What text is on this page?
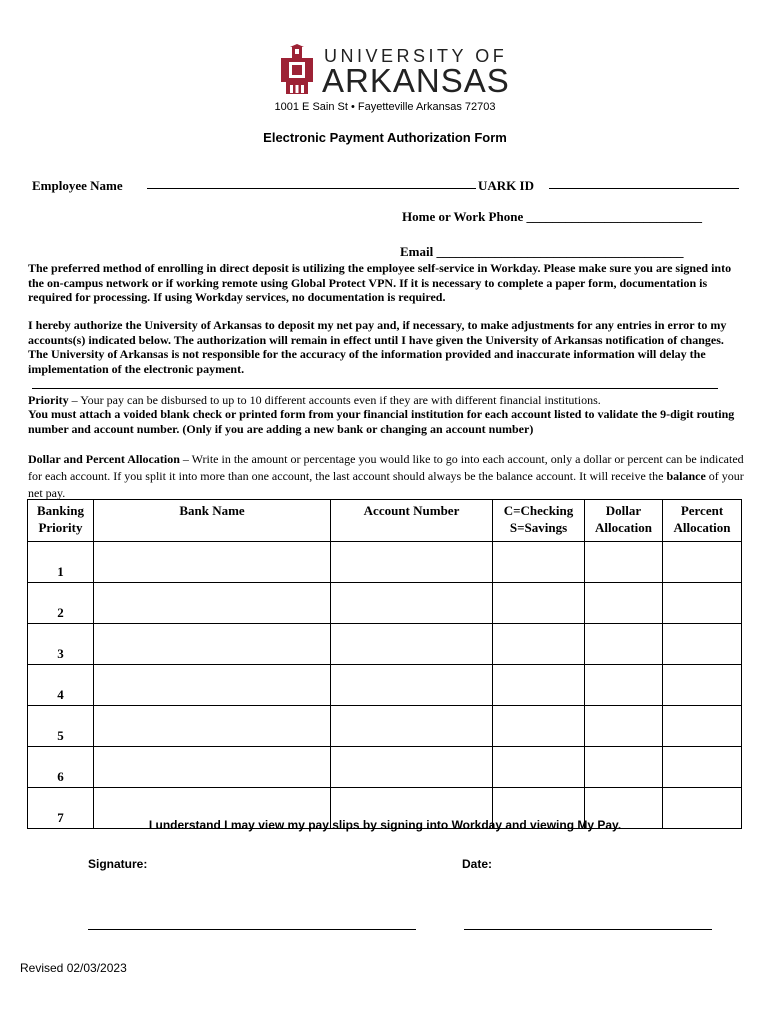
UNIVERSITY OF
ARKANSAS
1001 E Sain St • Fayetteville Arkansas 72703
Electronic Payment Authorization Form
Employee Name	UARK ID
Home or Work Phone ___________________________
Email ______________________________________
The preferred method of enrolling in direct deposit is utilizing the employee self-service in Workday. Please make sure you are signed into the on-campus network or if working remote using Global Protect VPN. If it is necessary to complete a paper form, documentation is required for processing. If using Workday services, no documentation is required.
I hereby authorize the University of Arkansas to deposit my net pay and, if necessary, to make adjustments for any entries in error to my accounts(s) indicated below. The authorization will remain in effect until I have given the University of Arkansas notification of changes. The University of Arkansas is not responsible for the accuracy of the information provided and inaccurate information will delay the implementation of the electronic payment.
Priority – Your pay can be disbursed to up to 10 different accounts even if they are with different financial institutions.
You must attach a voided blank check or printed form from your financial institution for each account listed to validate the 9-digit routing number and account number. (Only if you are adding a new bank or changing an account number)
Dollar and Percent Allocation – Write in the amount or percentage you would like to go into each account, only a dollar or percent can be indicated for each account. If you split it into more than one account, the last account should always be the balance account. It will receive the balance of your net pay.
Banking Priority	Bank Name	Account Number	C=Checking S=Savings	Dollar Allocation	Percent Allocation
1					
2					
3					
4					
5					
6					
7						I understand I may view my pay slips by signing into Workday and viewing My Pay.
Signature:	Date:
Revised 02/03/2023
